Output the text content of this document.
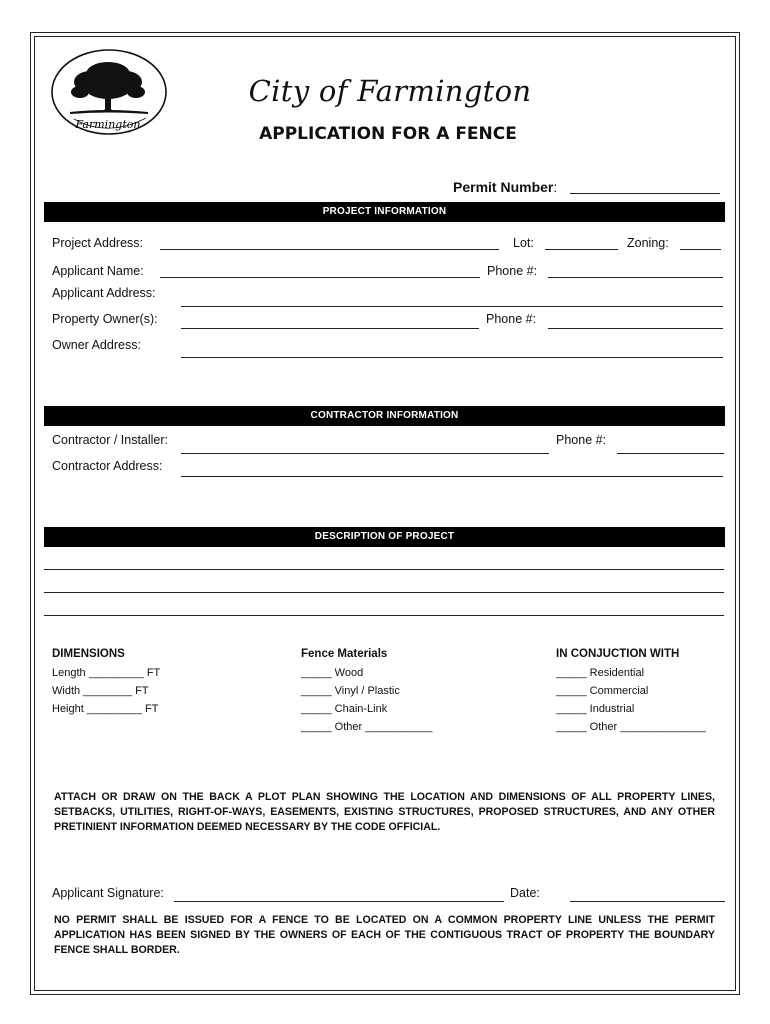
Farmington
City of Farmington
APPLICATION FOR A FENCE
Permit Number:
PROJECT INFORMATION
Project Address:	Lot:	Zoning:
Applicant Name:	Phone #:
Applicant Address:
Property Owner(s):	Phone #:
Owner Address:
CONTRACTOR INFORMATION
Contractor / Installer:	Phone #:
Contractor Address:
DESCRIPTION OF PROJECT
DIMENSIONS
Length _________ FT
Width ________ FT
Height _________ FT
Fence Materials
_____ Wood
_____ Vinyl / Plastic
_____ Chain-Link
_____ Other ___________
IN CONJUCTION WITH
_____ Residential
_____ Commercial
_____ Industrial
_____ Other ______________
ATTACH OR DRAW ON THE BACK A PLOT PLAN SHOWING THE LOCATION AND DIMENSIONS OF ALL PROPERTY LINES, SETBACKS, UTILITIES, RIGHT-OF-WAYS, EASEMENTS, EXISTING STRUCTURES, PROPOSED STRUCTURES, AND ANY OTHER PRETINIENT INFORMATION DEEMED NECESSARY BY THE CODE OFFICIAL.
Applicant Signature:	Date:
NO PERMIT SHALL BE ISSUED FOR A FENCE TO BE LOCATED ON A COMMON PROPERTY LINE UNLESS THE PERMIT APPLICATION HAS BEEN SIGNED BY THE OWNERS OF EACH OF THE CONTIGUOUS TRACT OF PROPERTY THE BOUNDARY FENCE SHALL BORDER.
